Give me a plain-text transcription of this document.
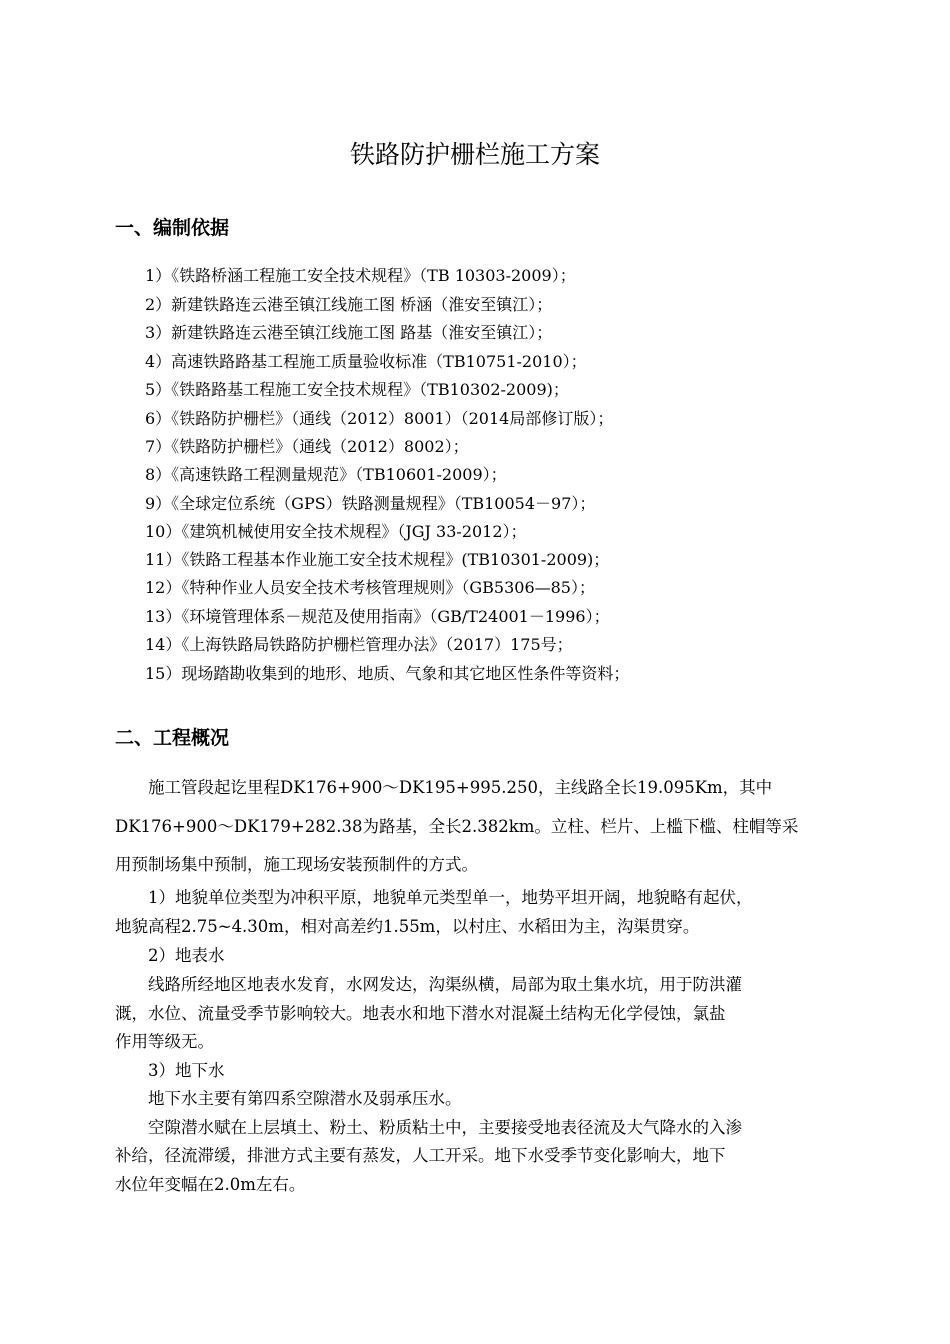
铁路防护栅栏施工方案
一、编制依据
1）《铁路桥涵工程施工安全技术规程》（TB 10303-2009）；
2）新建铁路连云港至镇江线施工图 桥涵（淮安至镇江）；
3）新建铁路连云港至镇江线施工图 路基（淮安至镇江）；
4）高速铁路路基工程施工质量验收标准（TB10751-2010）；
5）《铁路路基工程施工安全技术规程》（TB10302-2009)；
6）《铁路防护栅栏》（通线（2012）8001）（2014局部修订版）；
7）《铁路防护栅栏》（通线（2012）8002）；
8）《高速铁路工程测量规范》（TB10601-2009）；
9）《全球定位系统（GPS）铁路测量规程》（TB10054－97）；
10）《建筑机械使用安全技术规程》（JGJ 33-2012）；
11）《铁路工程基本作业施工安全技术规程》(TB10301-2009)；
12）《特种作业人员安全技术考核管理规则》（GB5306—85）；
13）《环境管理体系－规范及使用指南》（GB/T24001－1996）；
14）《上海铁路局铁路防护栅栏管理办法》（2017）175号；
15）现场踏勘收集到的地形、地质、气象和其它地区性条件等资料；
二、工程概况
施工管段起讫里程DK176+900～DK195+995.250，主线路全长19.095Km，其中
DK176+900～DK179+282.38为路基，全长2.382km。立柱、栏片、上槛下槛、柱帽等采
用预制场集中预制，施工现场安装预制件的方式。
1）地貌单位类型为冲积平原，地貌单元类型单一，地势平坦开阔，地貌略有起伏，
地貌高程2.75~4.30m，相对高差约1.55m，以村庄、水稻田为主，沟渠贯穿。
2）地表水
线路所经地区地表水发育，水网发达，沟渠纵横，局部为取土集水坑，用于防洪灌
溉，水位、流量受季节影响较大。地表水和地下潜水对混凝土结构无化学侵蚀，氯盐
作用等级无。
3）地下水
地下水主要有第四系空隙潜水及弱承压水。
空隙潜水赋在上层填土、粉土、粉质粘土中，主要接受地表径流及大气降水的入渗
补给，径流滞缓，排泄方式主要有蒸发，人工开采。地下水受季节变化影响大，地下
水位年变幅在2.0m左右。
